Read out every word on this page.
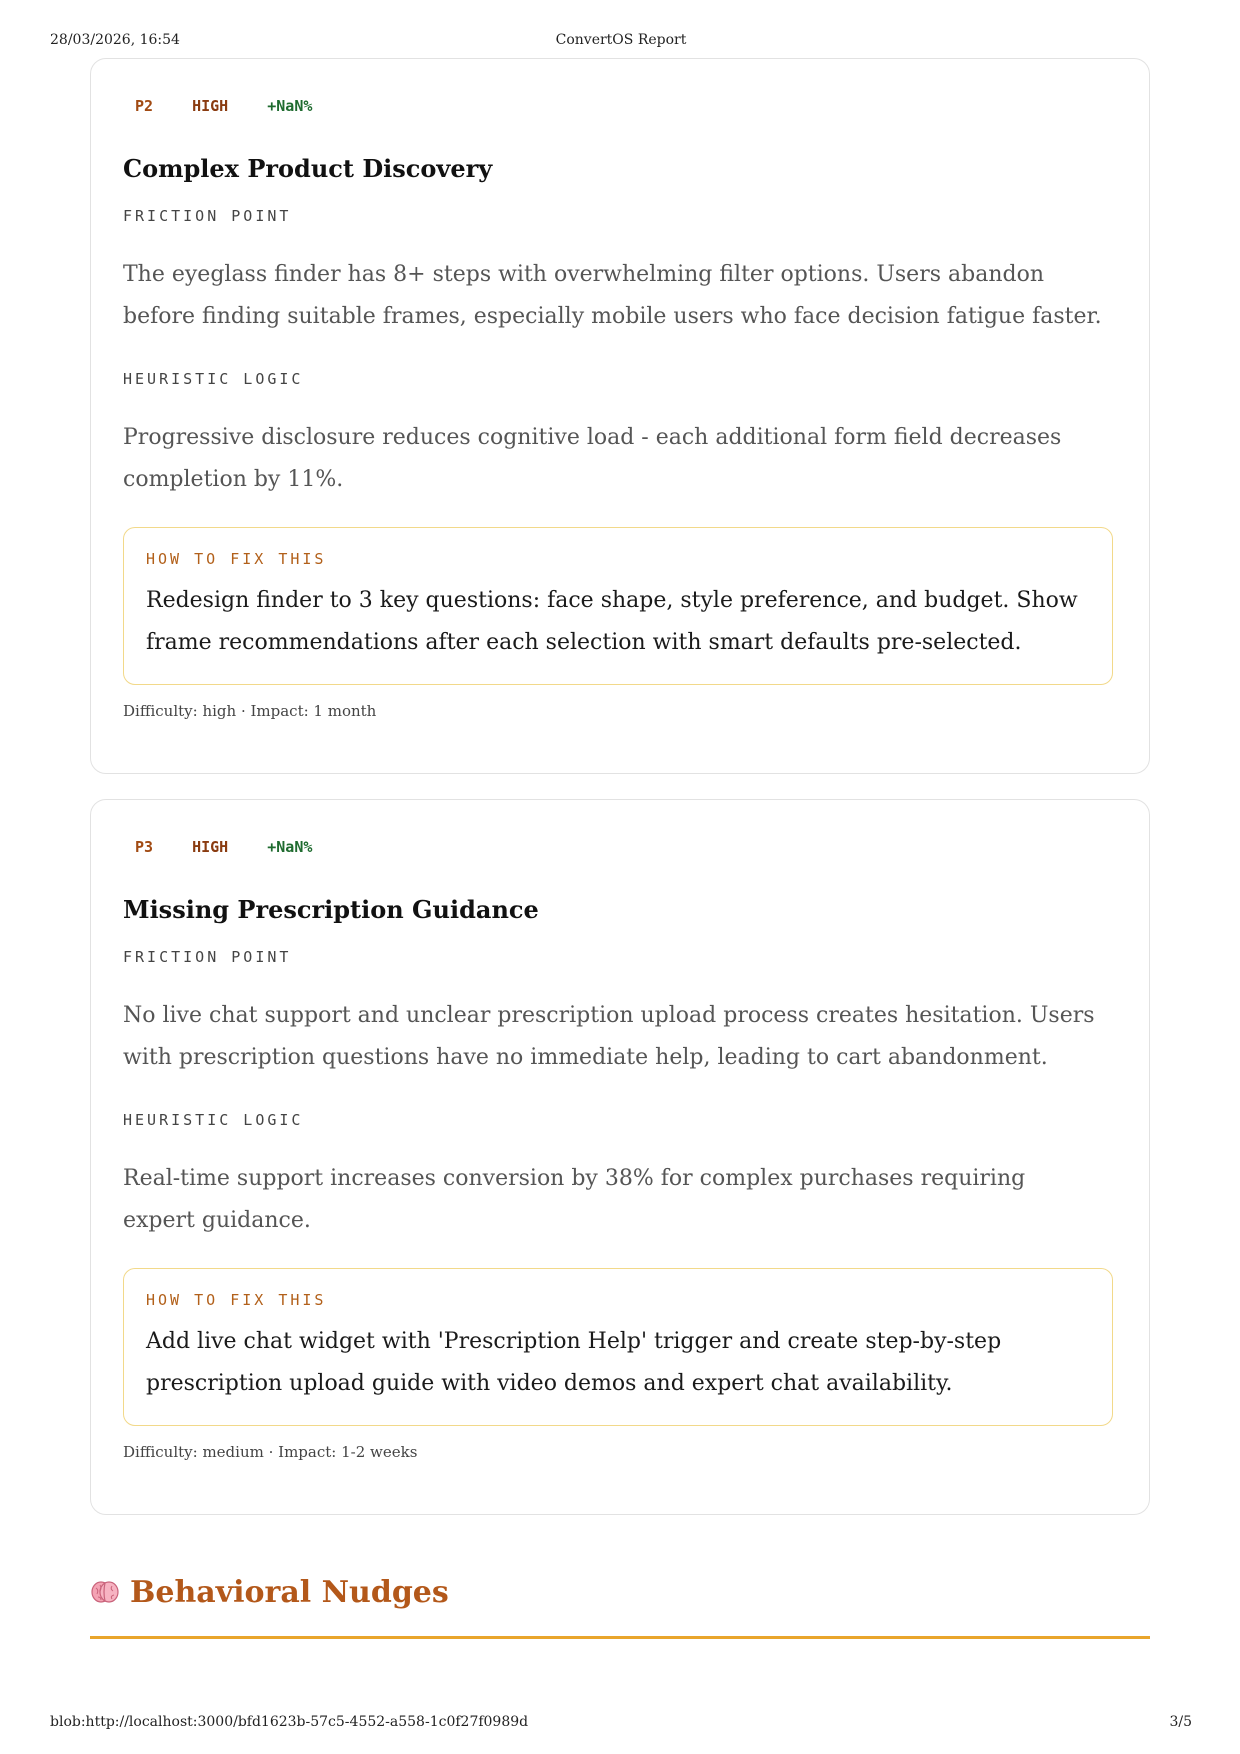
28/03/2026, 16:54	ConvertOS Report
P2	HIGH	+NaN%
Complex Product Discovery
FRICTION POINT
The eyeglass finder has 8+ steps with overwhelming filter options. Users abandon before finding suitable frames, especially mobile users who face decision fatigue faster.
HEURISTIC LOGIC
Progressive disclosure reduces cognitive load - each additional form field decreases completion by 11%.
HOW TO FIX THIS
Redesign finder to 3 key questions: face shape, style preference, and budget. Show frame recommendations after each selection with smart defaults pre-selected.
Difficulty: high · Impact: 1 month
P3	HIGH	+NaN%
Missing Prescription Guidance
FRICTION POINT
No live chat support and unclear prescription upload process creates hesitation. Users with prescription questions have no immediate help, leading to cart abandonment.
HEURISTIC LOGIC
Real-time support increases conversion by 38% for complex purchases requiring expert guidance.
HOW TO FIX THIS
Add live chat widget with 'Prescription Help' trigger and create step-by-step prescription upload guide with video demos and expert chat availability.
Difficulty: medium · Impact: 1-2 weeks
Behavioral Nudges
blob:http://localhost:3000/bfd1623b-57c5-4552-a558-1c0f27f0989d	3/5
